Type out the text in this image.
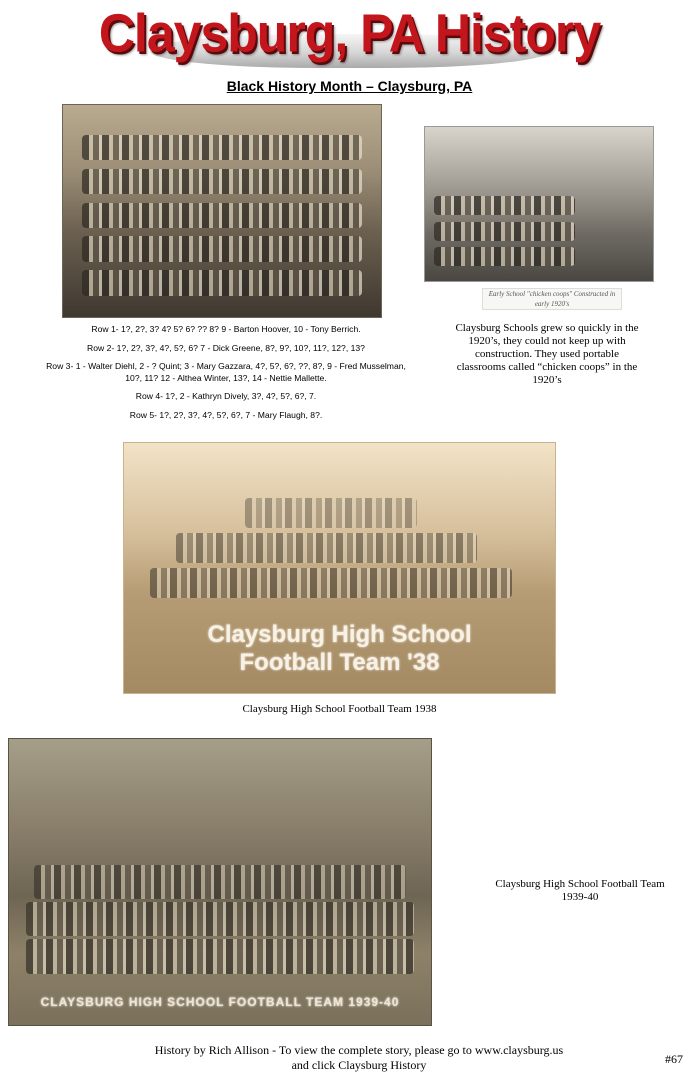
Claysburg, PA History
Black History Month – Claysburg, PA

Row 1- 1?, 2?, 3? 4? 5? 6? ?? 8? 9 - Barton Hoover, 10 - Tony Berrich.

Row 2- 1?, 2?, 3?, 4?, 5?, 6? 7 - Dick Greene, 8?, 9?, 10?, 11?, 12?, 13?

Row 3- 1 - Walter Diehl, 2 - ? Quint; 3 - Mary Gazzara, 4?, 5?, 6?, ??, 8?, 9 - Fred Musselman, 10?, 11? 12 - Althea Winter, 13?, 14 - Nettie Mallette.

Row 4- 1?, 2 - Kathryn Dively, 3?, 4?, 5?, 6?, 7.

Row 5- 1?, 2?, 3?, 4?, 5?, 6?, 7 - Mary Flaugh, 8?.

Early School "chicken coops" Constructed in early 1920's
Claysburg Schools grew so quickly in the 1920’s, they could not keep up with construction. They used portable classrooms called “chicken coops” in the 1920’s
Claysburg High School
Football Team '38
Claysburg High School Football Team 1938
CLAYSBURG HIGH SCHOOL FOOTBALL TEAM 1939-40
Claysburg High School Football Team
1939-40
History by Rich Allison - To view the complete story, please go to www.claysburg.us
and click Claysburg History	#67
